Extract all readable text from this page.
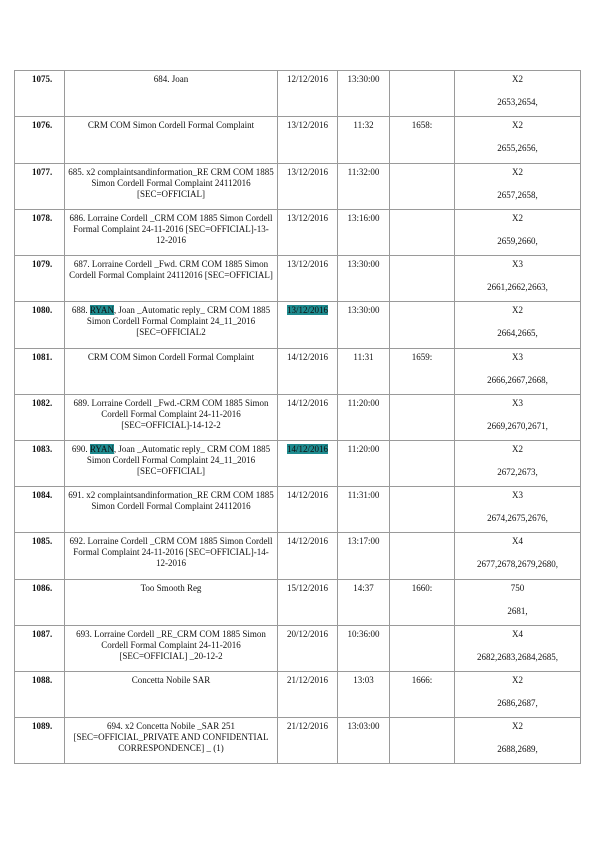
1075.	684. Joan	12/12/2016	13:30:00		X2
2653,2654,

1076.	CRM COM Simon Cordell Formal Complaint	13/12/2016	11:32	1658:	X2
2655,2656,

1077.	685. x2 complaintsandinformation_RE CRM COM 1885 Simon Cordell Formal Complaint 24112016 [SEC=OFFICIAL]	13/12/2016	11:32:00		X2
2657,2658,

1078.	686. Lorraine Cordell _CRM COM 1885 Simon Cordell Formal Complaint 24-11-2016 [SEC=OFFICIAL]-13-12-2016	13/12/2016	13:16:00		X2
2659,2660,

1079.	687. Lorraine Cordell _Fwd. CRM COM 1885 Simon Cordell Formal Complaint 24112016 [SEC=OFFICIAL]	13/12/2016	13:30:00		X3
2661,2662,2663,

1080.	688. RYAN, Joan _Automatic reply_ CRM COM 1885 Simon Cordell Formal Complaint 24_11_2016 [SEC=OFFICIAL2	13/12/2016	13:30:00		X2
2664,2665,

1081.	CRM COM Simon Cordell Formal Complaint	14/12/2016	11:31	1659:	X3
2666,2667,2668,

1082.	689. Lorraine Cordell _Fwd.-CRM COM 1885 Simon Cordell Formal Complaint 24-11-2016 [SEC=OFFICIAL]-14-12-2	14/12/2016	11:20:00		X3
2669,2670,2671,

1083.	690. RYAN, Joan _Automatic reply_ CRM COM 1885 Simon Cordell Formal Complaint 24_11_2016 [SEC=OFFICIAL]	14/12/2016	11:20:00		X2
2672,2673,

1084.	691. x2 complaintsandinformation_RE CRM COM 1885 Simon Cordell Formal Complaint 24112016	14/12/2016	11:31:00		X3
2674,2675,2676,

1085.	692. Lorraine Cordell _CRM COM 1885 Simon Cordell Formal Complaint 24-11-2016 [SEC=OFFICIAL]-14-12-2016	14/12/2016	13:17:00		X4
2677,2678,2679,2680,

1086.	Too Smooth Reg	15/12/2016	14:37	1660:	750
2681,

1087.	693. Lorraine Cordell _RE_CRM COM 1885 Simon Cordell Formal Complaint 24-11-2016 [SEC=OFFICIAL] _20-12-2	20/12/2016	10:36:00		X4
2682,2683,2684,2685,

1088.	Concetta Nobile SAR	21/12/2016	13:03	1666:	X2
2686,2687,

1089.	694. x2 Concetta Nobile _SAR 251 [SEC=OFFICIAL_PRIVATE AND CONFIDENTIAL CORRESPONDENCE] _ (1)	21/12/2016	13:03:00		X2
2688,2689,
